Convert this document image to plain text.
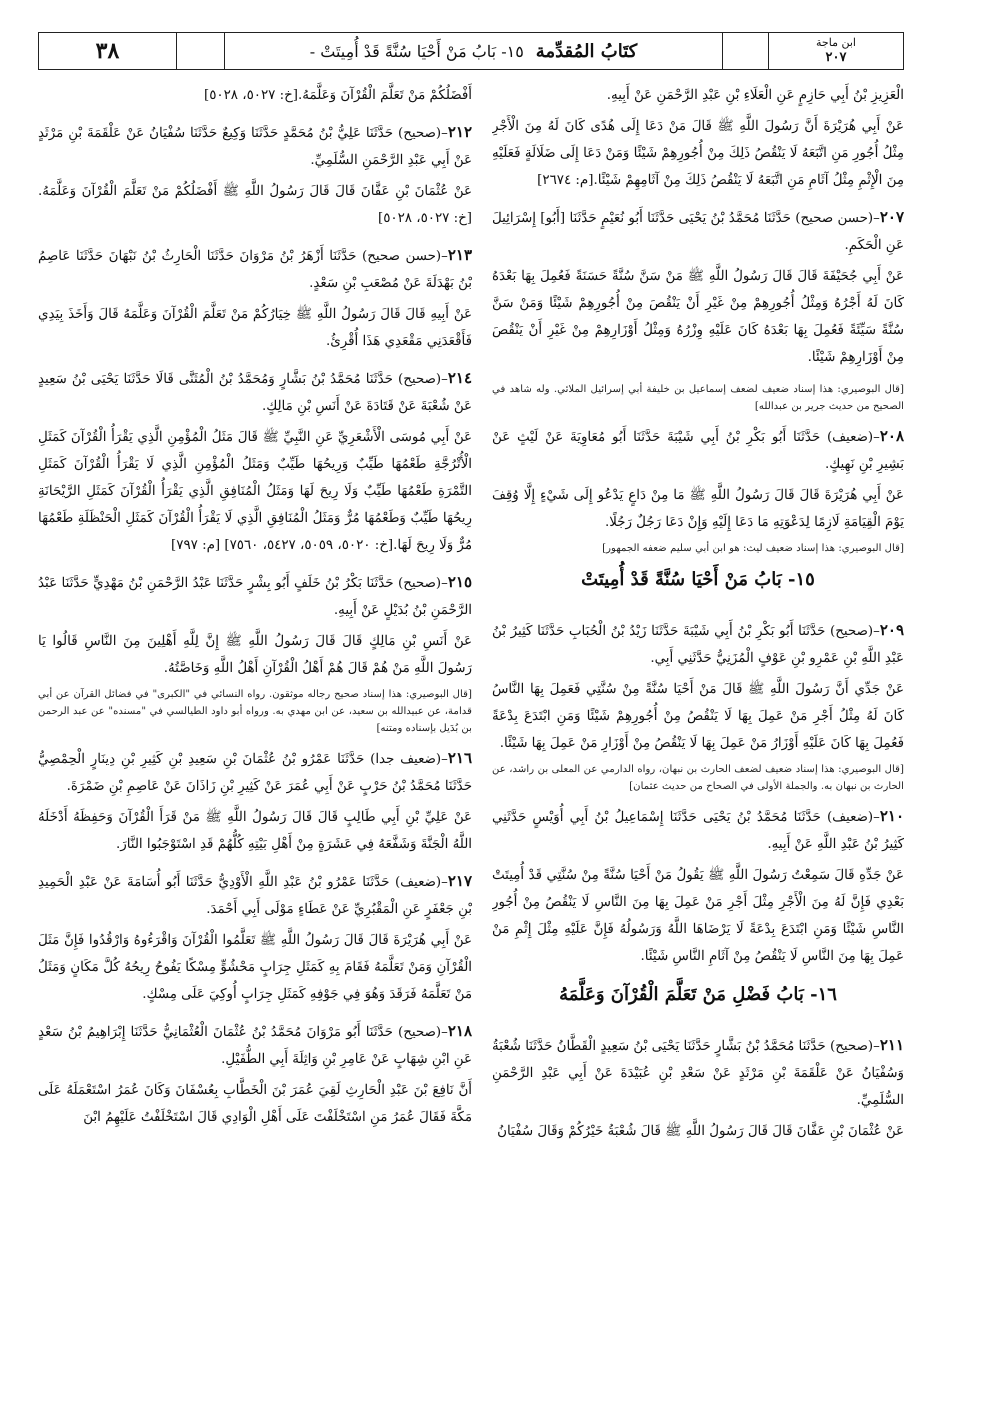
٣٨	كتَابُ المُقدِّمة
١٥- بَابُ مَنْ أَحْيَا سُنَّةً قَدْ أُمِيتَتْ -	ابن ماجة
٢٠٧

الْعَزِيزِ بْنُ أَبِي حَازِمٍ عَنِ الْعَلَاءِ بْنِ عَبْدِ الرَّحْمَنِ عَنْ أَبِيهِ.

عَنْ أَبِي هُرَيْرَةَ أَنَّ رَسُولَ اللَّهِ ﷺ قَالَ مَنْ دَعَا إِلَى هُدًى كَانَ لَهُ مِنَ الْأَجْرِ مِثْلُ أُجُورِ مَنِ اتَّبَعَهُ لَا يَنْقُصُ ذَلِكَ مِنْ أُجُورِهِمْ شَيْئًا وَمَنْ دَعَا إِلَى ضَلَالَةٍ فَعَلَيْهِ مِنَ الْإِثْمِ مِثْلُ آثَامِ مَنِ اتَّبَعَهُ لَا يَنْقُصُ ذَلِكَ مِنْ آثَامِهِمْ شَيْئًا.[م: ٢٦٧٤]

٢٠٧–(حسن صحيح) حَدَّثَنَا مُحَمَّدُ بْنُ يَحْيَى حَدَّثَنَا أَبُو نُعَيْمٍ حَدَّثَنَا [أَبُو] إِسْرَائِيلَ عَنِ الْحَكَمِ.

عَنْ أَبِي جُحَيْفَةَ قَالَ قَالَ رَسُولُ اللَّهِ ﷺ مَنْ سَنَّ سُنَّةً حَسَنَةً فَعُمِلَ بِهَا بَعْدَهُ كَانَ لَهُ أَجْرُهُ وَمِثْلُ أُجُورِهِمْ مِنْ غَيْرِ أَنْ يَنْقُصَ مِنْ أُجُورِهِمْ شَيْئًا وَمَنْ سَنَّ سُنَّةً سَيِّئَةً فَعُمِلَ بِهَا بَعْدَهُ كَانَ عَلَيْهِ وِزْرُهُ وَمِثْلُ أَوْزَارِهِمْ مِنْ غَيْرِ أَنْ يَنْقُصَ مِنْ أَوْزَارِهِمْ شَيْئًا.

[قال البوصيري: هذا إسناد ضعيف لضعف إسماعيل بن خليفة أبي إسرائيل الملائي. وله شاهد في الصحيح من حديث جرير بن عبدالله]

٢٠٨–(ضعيف) حَدَّثَنَا أَبُو بَكْرِ بْنُ أَبِي شَيْبَةَ حَدَّثَنَا أَبُو مُعَاوِيَةَ عَنْ لَيْثٍ عَنْ بَشِيرِ بْنِ نَهِيكٍ.

عَنْ أَبِي هُرَيْرَةَ قَالَ قَالَ رَسُولُ اللَّهِ ﷺ مَا مِنْ دَاعٍ يَدْعُو إِلَى شَيْءٍ إِلَّا وُقِفَ يَوْمَ الْقِيَامَةِ لَازِمًا لِدَعْوَتِهِ مَا دَعَا إِلَيْهِ وَإِنْ دَعَا رَجُلٌ رَجُلًا.

[قال البوصيري: هذا إسناد ضعيف ليث: هو ابن أبي سليم ضعفه الجمهور]

١٥- بَابُ مَنْ أَحْيَا سُنَّةً قَدْ أُمِيتَتْ

٢٠٩–(صحيح) حَدَّثَنَا أَبُو بَكْرِ بْنُ أَبِي شَيْبَةَ حَدَّثَنَا زَيْدُ بْنُ الْحُبَابِ حَدَّثَنَا كَثِيرُ بْنُ عَبْدِ اللَّهِ بْنِ عَمْرِو بْنِ عَوْفٍ الْمُزَنِيُّ حَدَّثَنِي أَبِي.

عَنْ جَدِّي أَنَّ رَسُولَ اللَّهِ ﷺ قَالَ مَنْ أَحْيَا سُنَّةً مِنْ سُنَّتِي فَعَمِلَ بِهَا النَّاسُ كَانَ لَهُ مِثْلُ أَجْرِ مَنْ عَمِلَ بِهَا لَا يَنْقُصُ مِنْ أُجُورِهِمْ شَيْئًا وَمَنِ ابْتَدَعَ بِدْعَةً فَعُمِلَ بِهَا كَانَ عَلَيْهِ أَوْزَارُ مَنْ عَمِلَ بِهَا لَا يَنْقُصُ مِنْ أَوْزَارِ مَنْ عَمِلَ بِهَا شَيْئًا.

[قال البوصيري: هذا إسناد ضعيف لضعف الحارث بن نبهان، رواه الدارمي عن المعلى بن راشد، عن الحارث بن نبهان به. والجملة الأولى في الصحاح من حديث عثمان]

٢١٠–(ضعيف) حَدَّثَنَا مُحَمَّدُ بْنُ يَحْيَى حَدَّثَنَا إِسْمَاعِيلُ بْنُ أَبِي أُوَيْسٍ حَدَّثَنِي كَثِيرُ بْنُ عَبْدِ اللَّهِ عَنْ أَبِيهِ.

عَنْ جَدِّهِ قَالَ سَمِعْتُ رَسُولَ اللَّهِ ﷺ يَقُولُ مَنْ أَحْيَا سُنَّةً مِنْ سُنَّتِي قَدْ أُمِيتَتْ بَعْدِي فَإِنَّ لَهُ مِنَ الْأَجْرِ مِثْلَ أَجْرِ مَنْ عَمِلَ بِهَا مِنَ النَّاسِ لَا يَنْقُصُ مِنْ أُجُورِ النَّاسِ شَيْئًا وَمَنِ ابْتَدَعَ بِدْعَةً لَا يَرْضَاهَا اللَّهُ وَرَسُولُهُ فَإِنَّ عَلَيْهِ مِثْلَ إِثْمِ مَنْ عَمِلَ بِهَا مِنَ النَّاسِ لَا يَنْقُصُ مِنْ آثَامِ النَّاسِ شَيْئًا.

١٦- بَابُ فَضْلِ مَنْ تَعَلَّمَ الْقُرْآنَ وَعَلَّمَهُ

٢١١–(صحيح) حَدَّثَنَا مُحَمَّدُ بْنُ بَشَّارٍ حَدَّثَنَا يَحْيَى بْنُ سَعِيدٍ الْقَطَّانُ حَدَّثَنَا شُعْبَةُ وَسُفْيَانُ عَنْ عَلْقَمَةَ بْنِ مَرْثَدٍ عَنْ سَعْدِ بْنِ عُبَيْدَةَ عَنْ أَبِي عَبْدِ الرَّحْمَنِ السُّلَمِيِّ.

عَنْ عُثْمَانَ بْنِ عَفَّانَ قَالَ قَالَ رَسُولُ اللَّهِ ﷺ قَالَ شُعْبَةُ خَيْرُكُمْ وَقَالَ سُفْيَانُ

أَفْضَلُكُمْ مَنْ تَعَلَّمَ الْقُرْآنَ وَعَلَّمَهُ.[خ: ٥٠٢٧، ٥٠٢٨]

٢١٢–(صحيح) حَدَّثَنَا عَلِيُّ بْنُ مُحَمَّدٍ حَدَّثَنَا وَكِيعٌ حَدَّثَنَا سُفْيَانُ عَنْ عَلْقَمَةَ بْنِ مَرْثَدٍ عَنْ أَبِي عَبْدِ الرَّحْمَنِ السُّلَمِيِّ.

عَنْ عُثْمَانَ بْنِ عَفَّانَ قَالَ قَالَ رَسُولُ اللَّهِ ﷺ أَفْضَلُكُمْ مَنْ تَعَلَّمَ الْقُرْآنَ وَعَلَّمَهُ.[خ: ٥٠٢٧، ٥٠٢٨]

٢١٣–(حسن صحيح) حَدَّثَنَا أَزْهَرُ بْنُ مَرْوَانَ حَدَّثَنَا الْحَارِثُ بْنُ نَبْهَانَ حَدَّثَنَا عَاصِمُ بْنُ بَهْدَلَةَ عَنْ مُصْعَبِ بْنِ سَعْدٍ.

عَنْ أَبِيهِ قَالَ قَالَ رَسُولُ اللَّهِ ﷺ خِيَارُكُمْ مَنْ تَعَلَّمَ الْقُرْآنَ وَعَلَّمَهُ قَالَ وَأَخَذَ بِيَدِي فَأَقْعَدَنِي مَقْعَدِي هَذَا أُقْرِئُ.

٢١٤–(صحيح) حَدَّثَنَا مُحَمَّدُ بْنُ بَشَّارٍ وَمُحَمَّدُ بْنُ الْمُثَنَّى قَالَا حَدَّثَنَا يَحْيَى بْنُ سَعِيدٍ عَنْ شُعْبَةَ عَنْ قَتَادَةَ عَنْ أَنَسِ بْنِ مَالِكٍ.

عَنْ أَبِي مُوسَى الْأَشْعَرِيِّ عَنِ النَّبِيِّ ﷺ قَالَ مَثَلُ الْمُؤْمِنِ الَّذِي يَقْرَأُ الْقُرْآنَ كَمَثَلِ الْأُتْرُجَّةِ طَعْمُهَا طَيِّبٌ وَرِيحُهَا طَيِّبٌ وَمَثَلُ الْمُؤْمِنِ الَّذِي لَا يَقْرَأُ الْقُرْآنَ كَمَثَلِ التَّمْرَةِ طَعْمُهَا طَيِّبٌ وَلَا رِيحَ لَهَا وَمَثَلُ الْمُنَافِقِ الَّذِي يَقْرَأُ الْقُرْآنَ كَمَثَلِ الرَّيْحَانَةِ رِيحُهَا طَيِّبٌ وَطَعْمُهَا مُرٌّ وَمَثَلُ الْمُنَافِقِ الَّذِي لَا يَقْرَأُ الْقُرْآنَ كَمَثَلِ الْحَنْظَلَةِ طَعْمُهَا مُرٌّ وَلَا رِيحَ لَهَا.[خ: ٥٠٢٠، ٥٠٥٩، ٥٤٢٧، ٧٥٦٠] [م: ٧٩٧]

٢١٥–(صحيح) حَدَّثَنَا بَكْرُ بْنُ خَلَفٍ أَبُو بِشْرٍ حَدَّثَنَا عَبْدُ الرَّحْمَنِ بْنُ مَهْدِيٍّ حَدَّثَنَا عَبْدُ الرَّحْمَنِ بْنُ بُدَيْلٍ عَنْ أَبِيهِ.

عَنْ أَنَسِ بْنِ مَالِكٍ قَالَ قَالَ رَسُولُ اللَّهِ ﷺ إِنَّ لِلَّهِ أَهْلِينَ مِنَ النَّاسِ قَالُوا يَا رَسُولَ اللَّهِ مَنْ هُمْ قَالَ هُمْ أَهْلُ الْقُرْآنِ أَهْلُ اللَّهِ وَخَاصَّتُهُ.

[قال البوصيري: هذا إسناد صحيح رجاله موثقون. رواه النسائي في "الكبرى" في فضائل القرآن عن أبي قدامة، عن عبيدالله بن سعيد، عن ابن مهدي به. ورواه أبو داود الطيالسي في "مسنده" عن عبد الرحمن بن بُدَيل بإسناده ومتنه]

٢١٦–(ضعيف جدا) حَدَّثَنَا عَمْرُو بْنُ عُثْمَانَ بْنِ سَعِيدِ بْنِ كَثِيرِ بْنِ دِينَارٍ الْحِمْصِيُّ حَدَّثَنَا مُحَمَّدُ بْنُ حَرْبٍ عَنْ أَبِي عُمَرَ عَنْ كَثِيرِ بْنِ زَاذَانَ عَنْ عَاصِمِ بْنِ ضَمْرَةَ.

عَنْ عَلِيِّ بْنِ أَبِي طَالِبٍ قَالَ قَالَ رَسُولُ اللَّهِ ﷺ مَنْ قَرَأَ الْقُرْآنَ وَحَفِظَهُ أَدْخَلَهُ اللَّهُ الْجَنَّةَ وَشَفَّعَهُ فِي عَشَرَةٍ مِنْ أَهْلِ بَيْتِهِ كُلُّهُمْ قَدِ اسْتَوْجَبُوا النَّارَ.

٢١٧–(ضعيف) حَدَّثَنَا عَمْرُو بْنُ عَبْدِ اللَّهِ الْأَوْدِيُّ حَدَّثَنَا أَبُو أُسَامَةَ عَنْ عَبْدِ الْحَمِيدِ بْنِ جَعْفَرٍ عَنِ الْمَقْبُرِيِّ عَنْ عَطَاءٍ مَوْلَى أَبِي أَحْمَدَ.

عَنْ أَبِي هُرَيْرَةَ قَالَ قَالَ رَسُولُ اللَّهِ ﷺ تَعَلَّمُوا الْقُرْآنَ وَاقْرَءُوهُ وَارْقُدُوا فَإِنَّ مَثَلَ الْقُرْآنِ وَمَنْ تَعَلَّمَهُ فَقَامَ بِهِ كَمَثَلِ جِرَابٍ مَحْشُوٍّ مِسْكًا يَفُوحُ رِيحُهُ كُلَّ مَكَانٍ وَمَثَلُ مَنْ تَعَلَّمَهُ فَرَقَدَ وَهُوَ فِي جَوْفِهِ كَمَثَلِ جِرَابٍ أُوكِيَ عَلَى مِسْكٍ.

٢١٨–(صحيح) حَدَّثَنَا أَبُو مَرْوَانَ مُحَمَّدُ بْنُ عُثْمَانَ الْعُثْمَانِيُّ حَدَّثَنَا إِبْرَاهِيمُ بْنُ سَعْدٍ عَنِ ابْنِ شِهَابٍ عَنْ عَامِرِ بْنِ وَاثِلَةَ أَبِي الطُّفَيْلِ.

أَنَّ نَافِعَ بْنَ عَبْدِ الْحَارِثِ لَقِيَ عُمَرَ بْنَ الْخَطَّابِ بِعُسْفَانَ وَكَانَ عُمَرُ اسْتَعْمَلَهُ عَلَى مَكَّةَ فَقَالَ عُمَرُ مَنِ اسْتَخْلَفْتَ عَلَى أَهْلِ الْوَادِي قَالَ اسْتَخْلَفْتُ عَلَيْهِمُ ابْنَ
